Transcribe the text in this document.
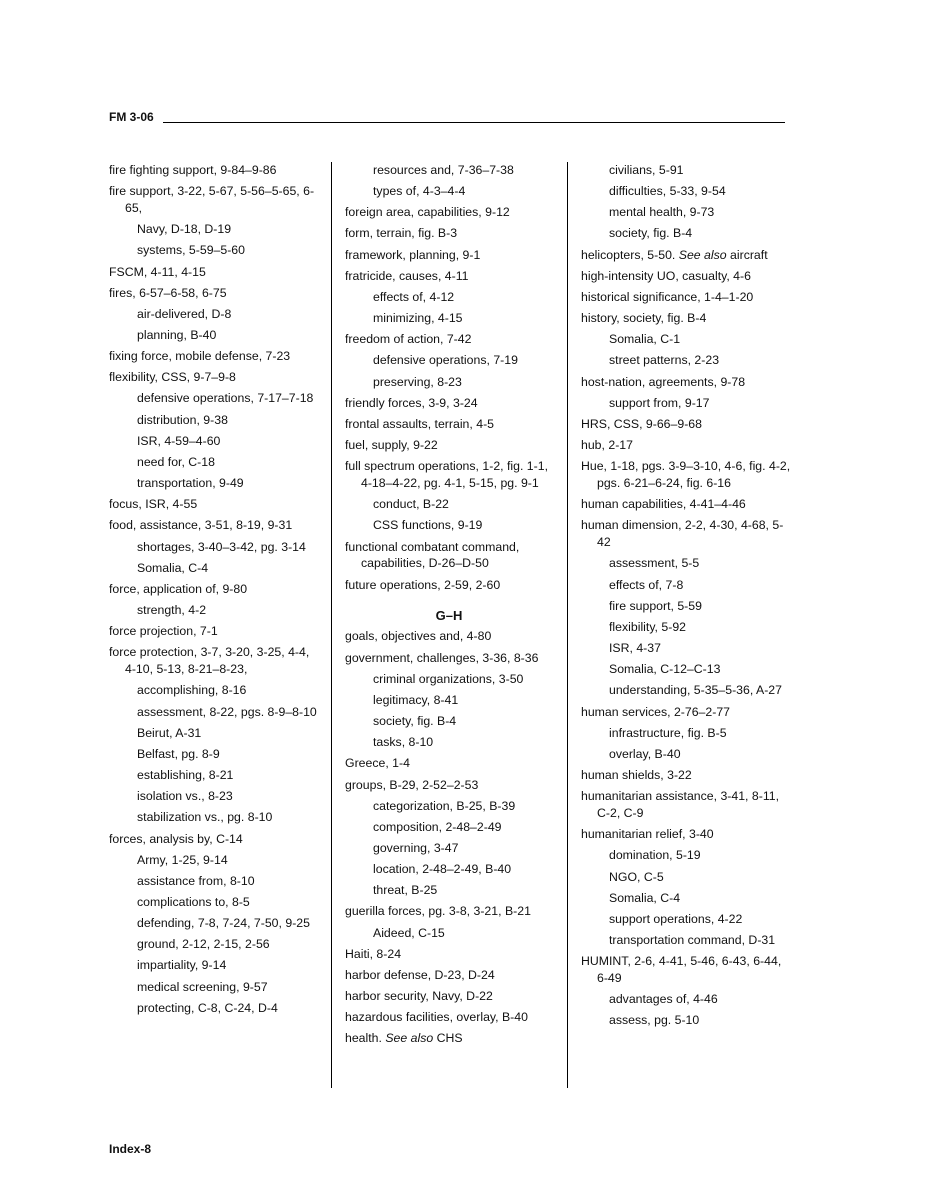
FM 3-06
fire fighting support, 9-84–9-86
fire support, 3-22, 5-67, 5-56–5-65, 6-65,
Navy, D-18, D-19
systems, 5-59–5-60
FSCM, 4-11, 4-15
fires, 6-57–6-58, 6-75
air-delivered, D-8
planning, B-40
fixing force, mobile defense, 7-23
flexibility, CSS, 9-7–9-8
defensive operations, 7-17–7-18
distribution, 9-38
ISR, 4-59–4-60
need for, C-18
transportation, 9-49
focus, ISR, 4-55
food, assistance, 3-51, 8-19, 9-31
shortages, 3-40–3-42, pg. 3-14
Somalia, C-4
force, application of, 9-80
strength, 4-2
force projection, 7-1
force protection, 3-7, 3-20, 3-25, 4-4, 4-10, 5-13, 8-21–8-23,
accomplishing, 8-16
assessment, 8-22, pgs. 8-9–8-10
Beirut, A-31
Belfast, pg. 8-9
establishing, 8-21
isolation vs., 8-23
stabilization vs., pg. 8-10
forces, analysis by, C-14
Army, 1-25, 9-14
assistance from, 8-10
complications to, 8-5
defending, 7-8, 7-24, 7-50, 9-25
ground, 2-12, 2-15, 2-56
impartiality, 9-14
medical screening, 9-57
protecting, C-8, C-24, D-4
resources and, 7-36–7-38
types of, 4-3–4-4
foreign area, capabilities, 9-12
form, terrain, fig. B-3
framework, planning, 9-1
fratricide, causes, 4-11
effects of, 4-12
minimizing, 4-15
freedom of action, 7-42
defensive operations, 7-19
preserving, 8-23
friendly forces, 3-9, 3-24
frontal assaults, terrain, 4-5
fuel, supply, 9-22
full spectrum operations, 1-2, fig. 1-1, 4-18–4-22, pg. 4-1, 5-15, pg. 9-1
conduct, B-22
CSS functions, 9-19
functional combatant command, capabilities, D-26–D-50
future operations, 2-59, 2-60
G–H
goals, objectives and, 4-80
government, challenges, 3-36, 8-36
criminal organizations, 3-50
legitimacy, 8-41
society, fig. B-4
tasks, 8-10
Greece, 1-4
groups, B-29, 2-52–2-53
categorization, B-25, B-39
composition, 2-48–2-49
governing, 3-47
location, 2-48–2-49, B-40
threat, B-25
guerilla forces, pg. 3-8, 3-21, B-21
Aideed, C-15
Haiti, 8-24
harbor defense, D-23, D-24
harbor security, Navy, D-22
hazardous facilities, overlay, B-40
health. See also CHS
civilians, 5-91
difficulties, 5-33, 9-54
mental health, 9-73
society, fig. B-4
helicopters, 5-50. See also aircraft
high-intensity UO, casualty, 4-6
historical significance, 1-4–1-20
history, society, fig. B-4
Somalia, C-1
street patterns, 2-23
host-nation, agreements, 9-78
support from, 9-17
HRS, CSS, 9-66–9-68
hub, 2-17
Hue, 1-18, pgs. 3-9–3-10, 4-6, fig. 4-2, pgs. 6-21–6-24, fig. 6-16
human capabilities, 4-41–4-46
human dimension, 2-2, 4-30, 4-68, 5-42
assessment, 5-5
effects of, 7-8
fire support, 5-59
flexibility, 5-92
ISR, 4-37
Somalia, C-12–C-13
understanding, 5-35–5-36, A-27
human services, 2-76–2-77
infrastructure, fig. B-5
overlay, B-40
human shields, 3-22
humanitarian assistance, 3-41, 8-11, C-2, C-9
humanitarian relief, 3-40
domination, 5-19
NGO, C-5
Somalia, C-4
support operations, 4-22
transportation command, D-31
HUMINT, 2-6, 4-41, 5-46, 6-43, 6-44, 6-49
advantages of, 4-46
assess, pg. 5-10
Index-8
